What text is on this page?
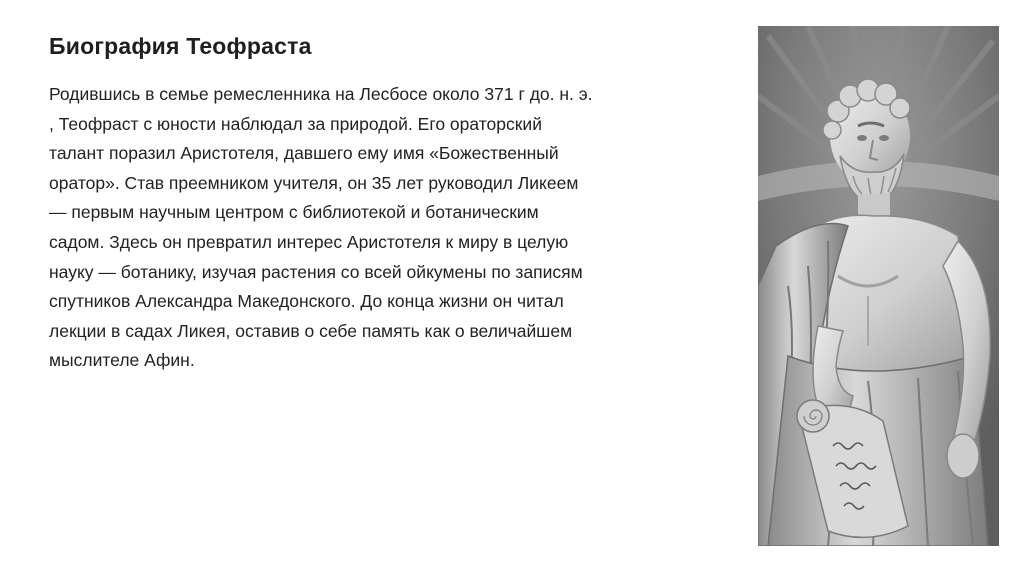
Биография Теофраста
Родившись в семье ремесленника на Лесбосе около 371 г до. н. э.
, Теофраст с юности наблюдал за природой. Его ораторский
талант поразил Аристотеля, давшего ему имя «Божественный
оратор». Став преемником учителя, он 35 лет руководил Ликеем
— первым научным центром с библиотекой и ботаническим
садом. Здесь он превратил интерес Аристотеля к миру в целую
науку — ботанику, изучая растения со всей ойкумены по записям
спутников Александра Македонского. До конца жизни он читал
лекции в садах Ликея, оставив о себе память как о величайшем
мыслителе Афин.
